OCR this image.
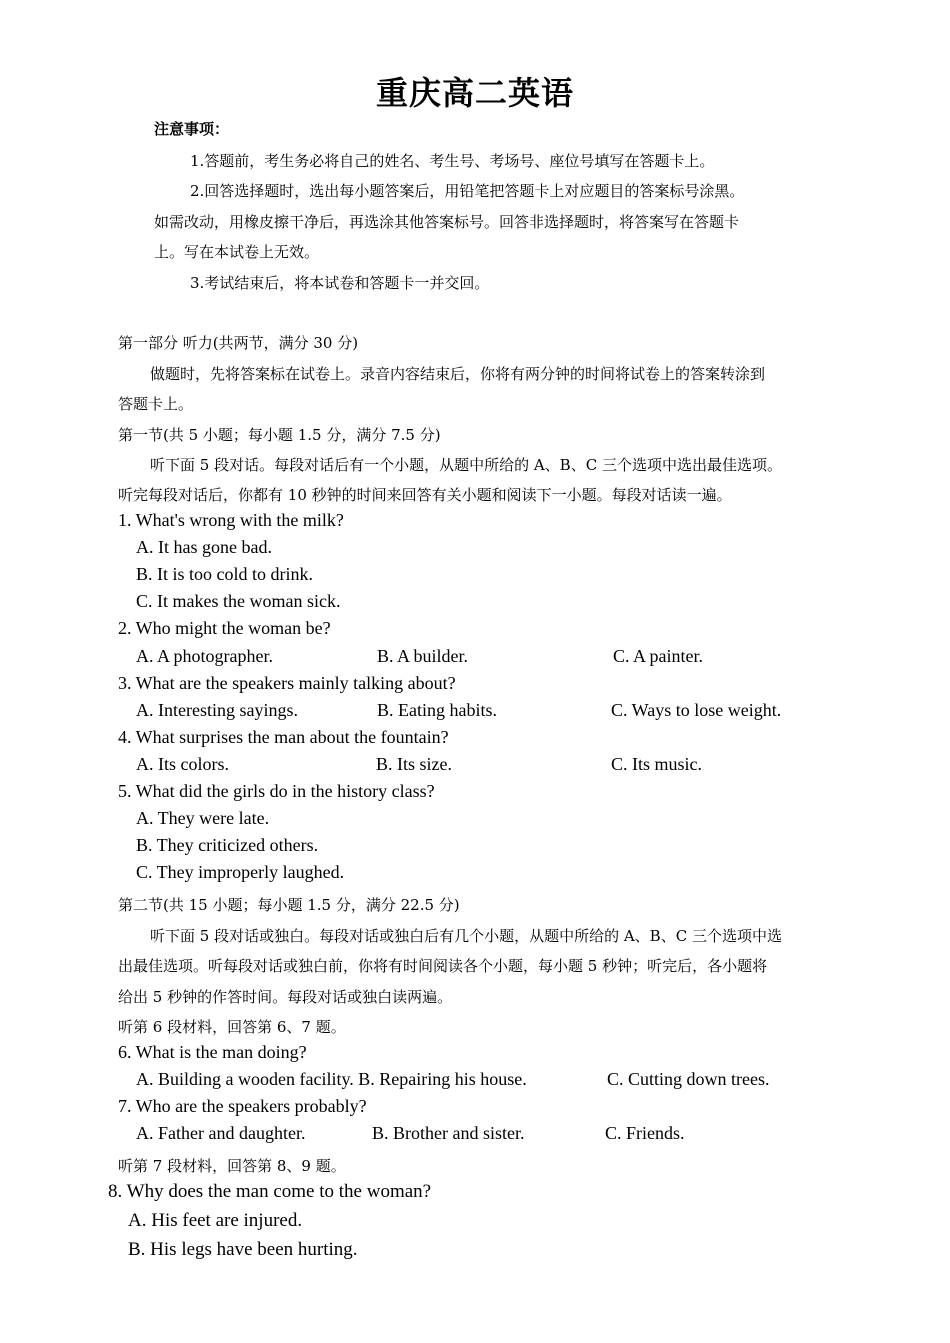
重庆高二英语
注意事项：
1.答题前，考生务必将自己的姓名、考生号、考场号、座位号填写在答题卡上。
2.回答选择题时，选出每小题答案后，用铅笔把答题卡上对应题目的答案标号涂黑。
如需改动，用橡皮擦干净后，再选涂其他答案标号。回答非选择题时，将答案写在答题卡
上。写在本试卷上无效。
3.考试结束后，将本试卷和答题卡一并交回。
第一部分 听力(共两节，满分 30 分)
做题时，先将答案标在试卷上。录音内容结束后，你将有两分钟的时间将试卷上的答案转涂到
答题卡上。
第一节(共 5 小题；每小题 1.5 分，满分 7.5 分)
听下面 5 段对话。每段对话后有一个小题，从题中所给的 A、B、C 三个选项中选出最佳选项。
听完每段对话后，你都有 10 秒钟的时间来回答有关小题和阅读下一小题。每段对话读一遍。
1. What's wrong with the milk?
A. It has gone bad.
B. It is too cold to drink.
C. It makes the woman sick.
2. Who might the woman be?
A. A photographer.	B. A builder.	C. A painter.
3. What are the speakers mainly talking about?
A. Interesting sayings.	B. Eating habits.	C. Ways to lose weight.
4. What surprises the man about the fountain?
A. Its colors.	B. Its size.	C. Its music.
5. What did the girls do in the history class?
A. They were late.
B. They criticized others.
C. They improperly laughed.
第二节(共 15 小题；每小题 1.5 分，满分 22.5 分)
听下面 5 段对话或独白。每段对话或独白后有几个小题，从题中所给的 A、B、C 三个选项中选
出最佳选项。听每段对话或独白前，你将有时间阅读各个小题，每小题 5 秒钟；听完后，各小题将
给出 5 秒钟的作答时间。每段对话或独白读两遍。
听第 6 段材料，回答第 6、7 题。
6. What is the man doing?
A. Building a wooden facility. B. Repairing his house.	C. Cutting down trees.
7. Who are the speakers probably?
A. Father and daughter.	B. Brother and sister.	C. Friends.
听第 7 段材料，回答第 8、9 题。
8. Why does the man come to the woman?
A. His feet are injured.
B. His legs have been hurting.
